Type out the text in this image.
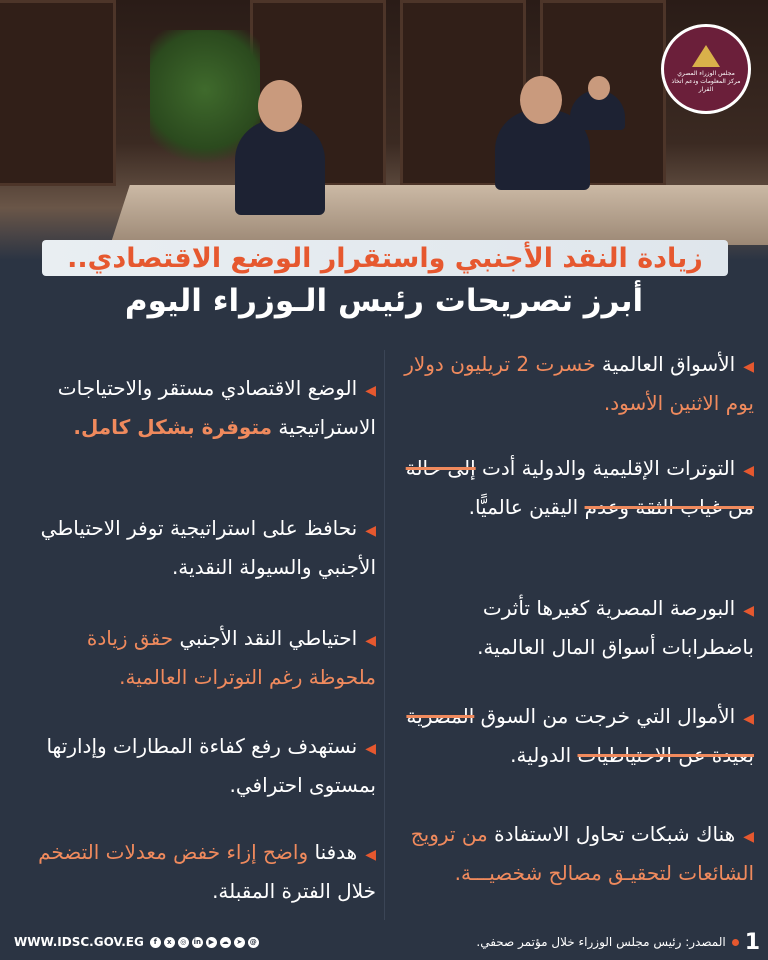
مجلس الوزراء المصري مركز المعلومات ودعم اتخاذ القرار
زيادة النقد الأجنبي واستقرار الوضع الاقتصادي..
أبرز تصريحات رئيس الـوزراء اليوم
◀الأسواق العالمية خسرت 2 تريليون دولار يوم الاثنين الأسود.
◀التوترات الإقليمية والدولية أدت إلى حالة من غياب الثقة وعدم اليقين عالميًّا.
◀البورصة المصرية كغيرها تأثرت باضطرابات أسواق المال العالمية.
◀الأموال التي خرجت من السوق المصرية بعيدة عن الاحتياطيات الدولية.
◀هناك شبكات تحاول الاستفادة من ترويج الشائعات لتحقيـق مصالح شخصيـــة.
◀الوضع الاقتصادي مستقر والاحتياجات الاستراتيجية متوفرة بشكل كامل.
◀نحافظ على استراتيجية توفر الاحتياطي الأجنبي والسيولة النقدية.
◀احتياطي النقد الأجنبي حقق زيادة ملحوظة رغم التوترات العالمية.
◀نستهدف رفع كفاءة المطارات وإدارتها بمستوى احترافي.
◀هدفنا واضح إزاء خفض معدلات التضخم خلال الفترة المقبلة.
WWW.IDSC.GOV.EG	f	x	◎	in	▶	☁	➤	@	1
المصدر: رئيس مجلس الوزراء خلال مؤتمر صحفي.
